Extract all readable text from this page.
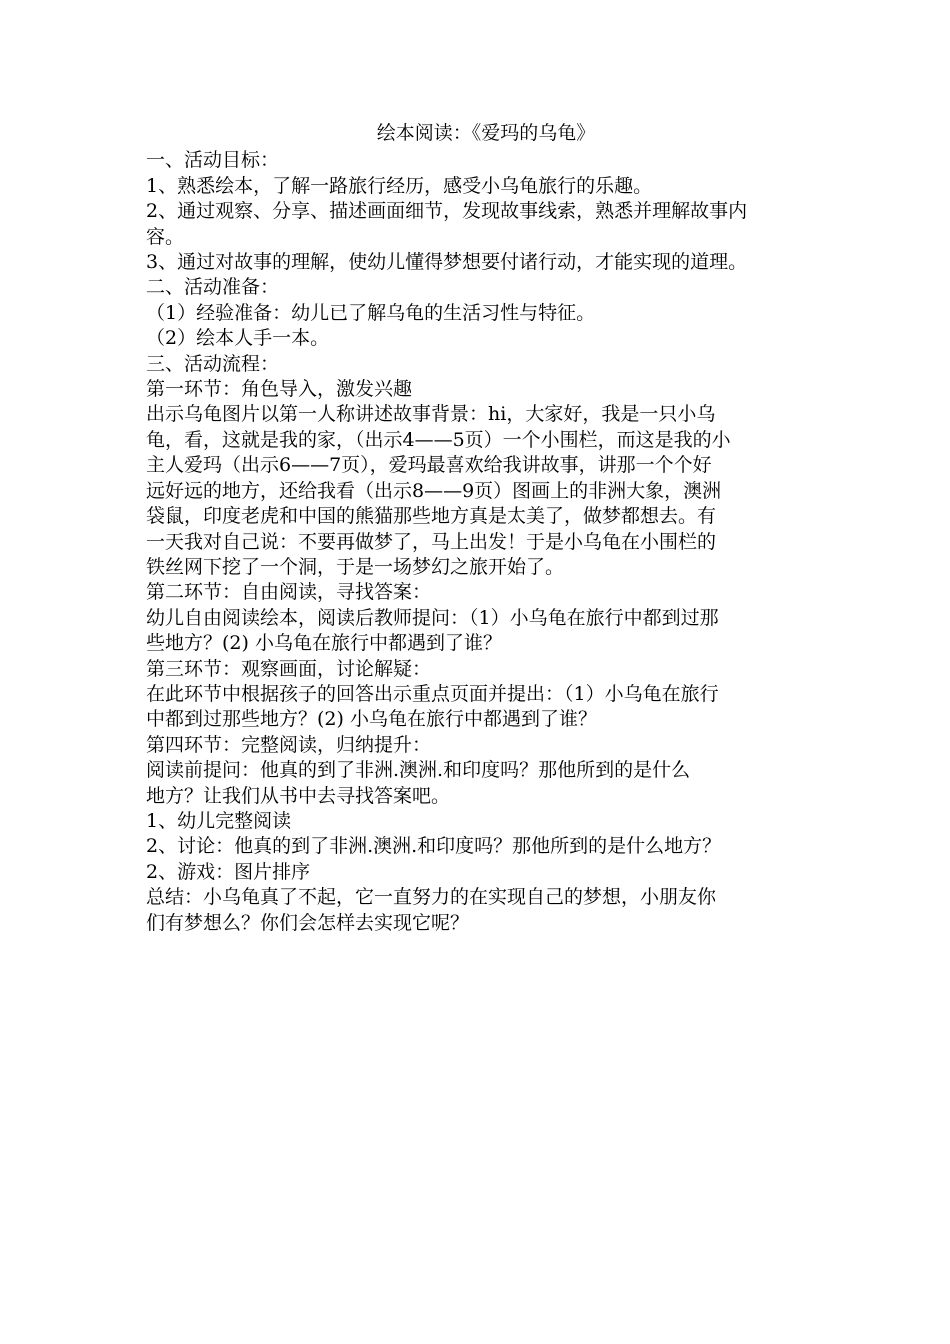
绘本阅读：《爱玛的乌龟》
一、活动目标：
1、熟悉绘本，了解一路旅行经历，感受小乌龟旅行的乐趣。
2、通过观察、分享、描述画面细节，发现故事线索，熟悉并理解故事内
容。
3、通过对故事的理解，使幼儿懂得梦想要付诸行动，才能实现的道理。
二、活动准备：
（1）经验准备：幼儿已了解乌龟的生活习性与特征。
（2）绘本人手一本。
三、活动流程：
第一环节：角色导入，激发兴趣
出示乌龟图片以第一人称讲述故事背景：hi，大家好，我是一只小乌
龟，看，这就是我的家，（出示4——5页）一个小围栏，而这是我的小
主人爱玛（出示6——7页），爱玛最喜欢给我讲故事，讲那一个个好
远好远的地方，还给我看（出示8——9页）图画上的非洲大象，澳洲
袋鼠，印度老虎和中国的熊猫那些地方真是太美了，做梦都想去。有
一天我对自己说：不要再做梦了，马上出发！于是小乌龟在小围栏的
铁丝网下挖了一个洞，于是一场梦幻之旅开始了。
第二环节：自由阅读，寻找答案：
幼儿自由阅读绘本，阅读后教师提问：（1）小乌龟在旅行中都到过那
些地方？(2) 小乌龟在旅行中都遇到了谁？
第三环节：观察画面，讨论解疑：
在此环节中根据孩子的回答出示重点页面并提出：（1）小乌龟在旅行
中都到过那些地方？(2) 小乌龟在旅行中都遇到了谁？
第四环节：完整阅读，归纳提升：
阅读前提问：他真的到了非洲.澳洲.和印度吗？那他所到的是什么
地方？让我们从书中去寻找答案吧。
1、幼儿完整阅读
2、讨论：他真的到了非洲.澳洲.和印度吗？那他所到的是什么地方？
2、游戏：图片排序
总结：小乌龟真了不起，它一直努力的在实现自己的梦想，小朋友你
们有梦想么？你们会怎样去实现它呢？
